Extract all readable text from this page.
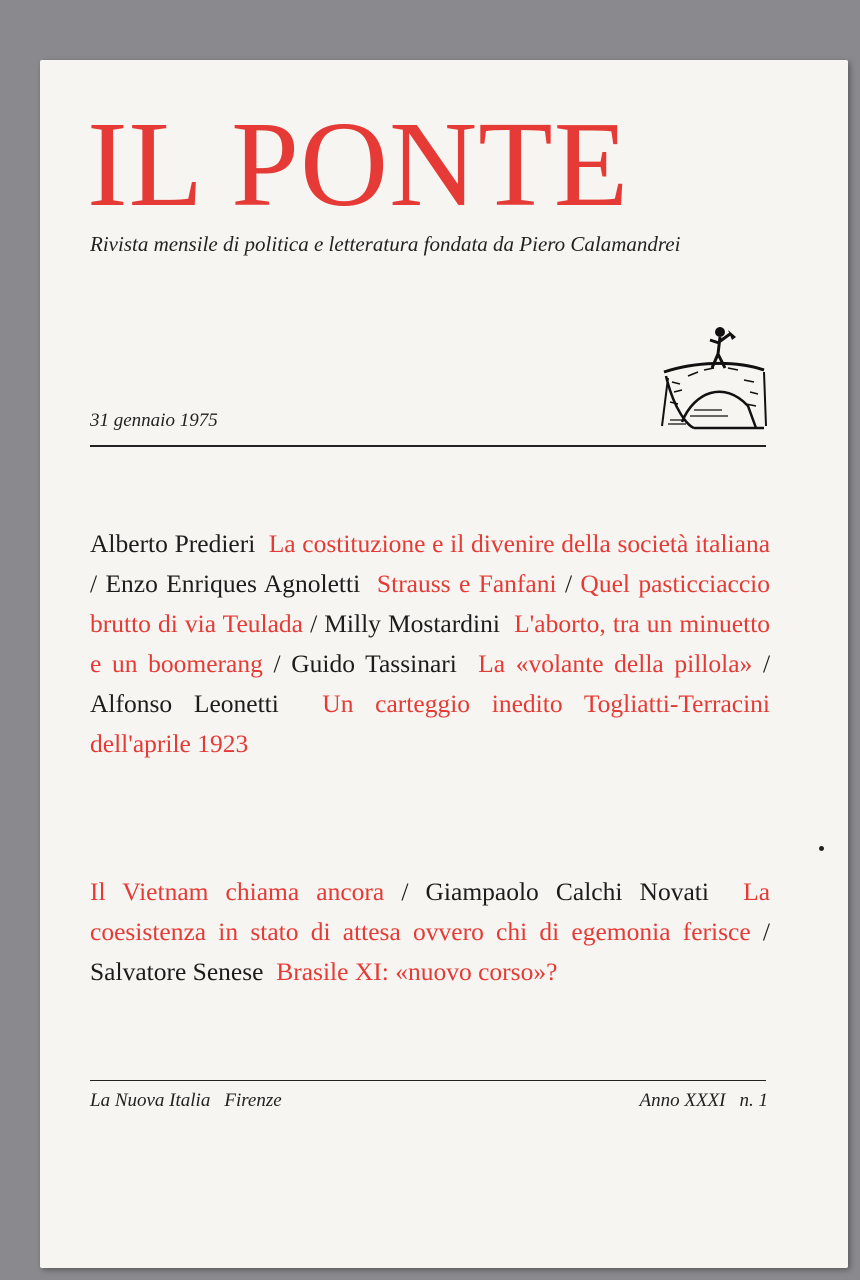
IL PONTE
Rivista mensile di politica e letteratura fondata da Piero Calamandrei
31 gennaio 1975
Alberto Predieri La costituzione e il divenire della società italiana / Enzo Enriques Agnoletti Strauss e Fanfani / Quel pasticciaccio brutto di via Teulada / Milly Mostardini L'aborto, tra un minuetto e un boomerang / Guido Tassinari La «volante della pillola» / Alfonso Leonetti Un carteggio inedito Togliatti-Terracini dell'aprile 1923
Il Vietnam chiama ancora / Giampaolo Calchi Novati La coesistenza in stato di attesa ovvero chi di egemonia ferisce / Salvatore Senese Brasile XI: «nuovo corso»?
La Nuova Italia Firenze	Anno XXXI n. 1
